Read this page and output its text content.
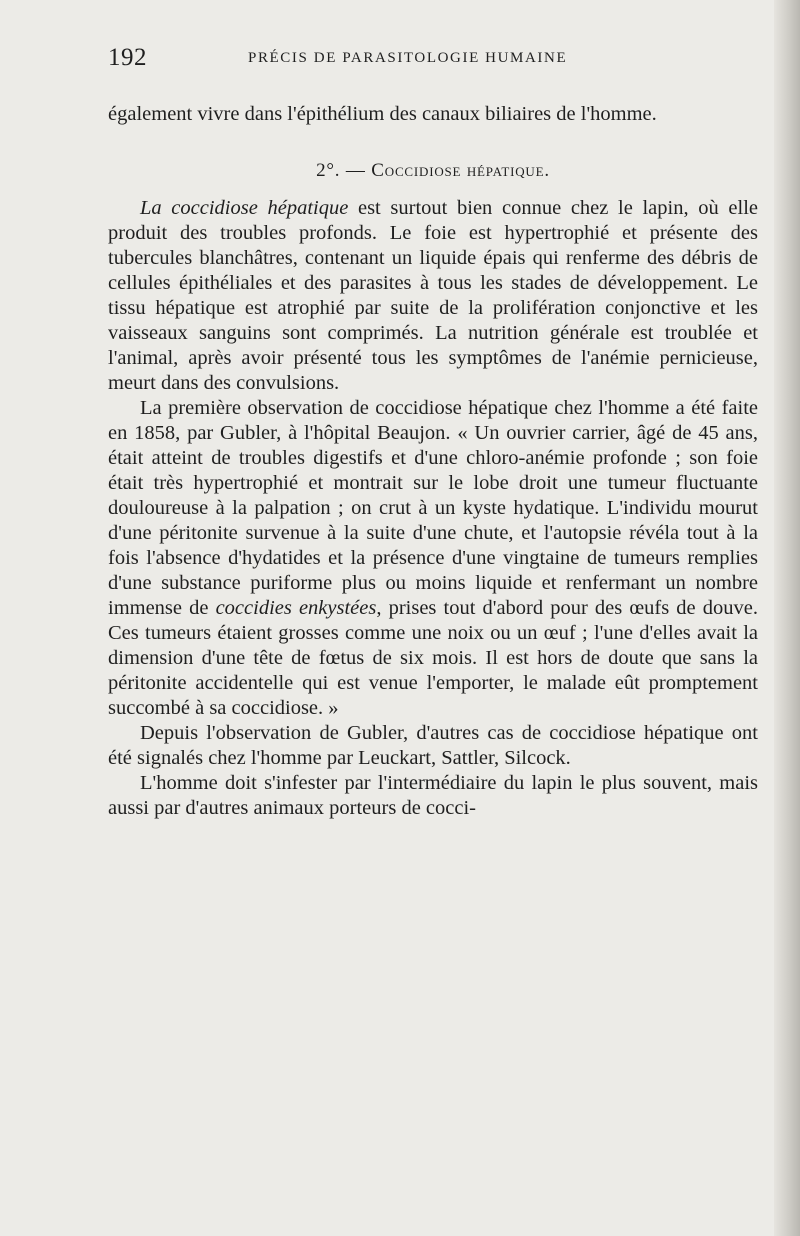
192	PRÉCIS DE PARASITOLOGIE HUMAINE

également vivre dans l'épithélium des canaux biliaires de l'homme.

2°. — Coccidiose hépatique.

La coccidiose hépatique est surtout bien connue chez le lapin, où elle produit des troubles profonds. Le foie est hypertrophié et présente des tubercules blanchâtres, contenant un liquide épais qui renferme des débris de cellules épithéliales et des parasites à tous les stades de développement. Le tissu hépatique est atrophié par suite de la prolifération conjonctive et les vaisseaux sanguins sont comprimés. La nutrition générale est troublée et l'animal, après avoir présenté tous les symptômes de l'anémie pernicieuse, meurt dans des convulsions.

La première observation de coccidiose hépatique chez l'homme a été faite en 1858, par Gubler, à l'hôpital Beaujon. « Un ouvrier carrier, âgé de 45 ans, était atteint de troubles digestifs et d'une chloro-anémie profonde ; son foie était très hypertrophié et montrait sur le lobe droit une tumeur fluctuante douloureuse à la palpation ; on crut à un kyste hydatique. L'individu mourut d'une péritonite survenue à la suite d'une chute, et l'autopsie révéla tout à la fois l'absence d'hydatides et la présence d'une vingtaine de tumeurs remplies d'une substance puriforme plus ou moins liquide et renfermant un nombre immense de coccidies enkystées, prises tout d'abord pour des œufs de douve. Ces tumeurs étaient grosses comme une noix ou un œuf ; l'une d'elles avait la dimension d'une tête de fœtus de six mois. Il est hors de doute que sans la péritonite accidentelle qui est venue l'emporter, le malade eût promptement succombé à sa coccidiose. »

Depuis l'observation de Gubler, d'autres cas de coccidiose hépatique ont été signalés chez l'homme par Leuckart, Sattler, Silcock.

L'homme doit s'infester par l'intermédiaire du lapin le plus souvent, mais aussi par d'autres animaux porteurs de cocci-
